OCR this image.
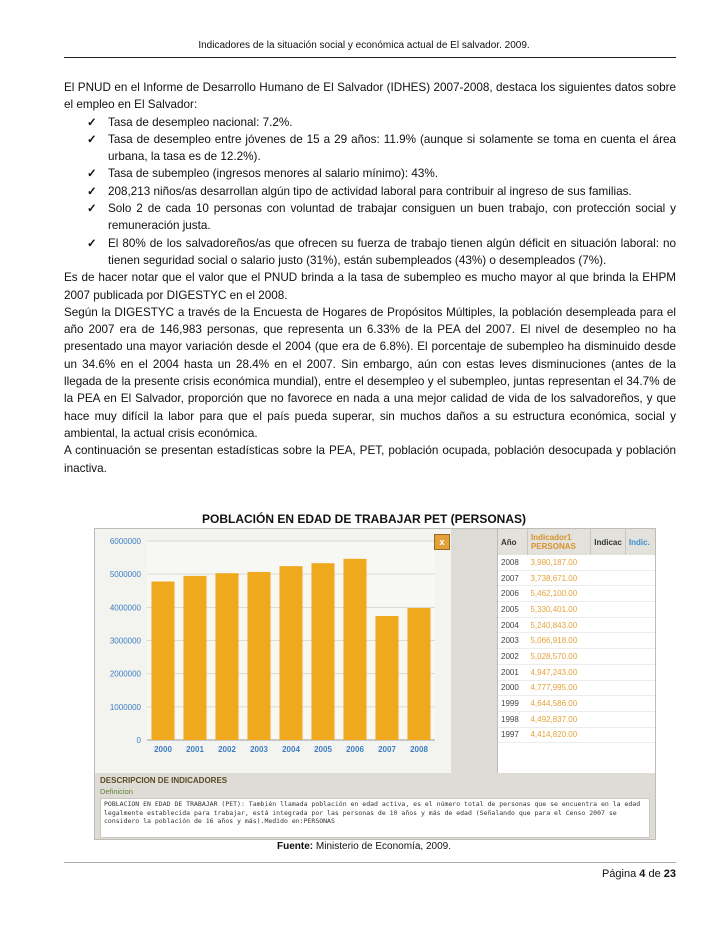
Indicadores de la situación social y económica actual de El salvador. 2009.

El PNUD en el Informe de Desarrollo Humano de El Salvador (IDHES) 2007-2008, destaca los siguientes datos sobre el empleo en El Salvador:

✓ Tasa de desempleo nacional: 7.2%.
✓ Tasa de desempleo entre jóvenes de 15 a 29 años: 11.9% (aunque si solamente se toma en cuenta el área urbana, la tasa es de 12.2%).
✓ Tasa de subempleo (ingresos menores al salario mínimo): 43%.
✓ 208,213 niños/as desarrollan algún tipo de actividad laboral para contribuir al ingreso de sus familias.
✓ Solo 2 de cada 10 personas con voluntad de trabajar consiguen un buen trabajo, con protección social y remuneración justa.
✓ El 80% de los salvadoreños/as que ofrecen su fuerza de trabajo tienen algún déficit en situación laboral: no tienen seguridad social o salario justo (31%), están subempleados (43%) o desempleados (7%).

Es de hacer notar que el valor que el PNUD brinda a la tasa de subempleo es mucho mayor al que brinda la EHPM 2007 publicada por DIGESTYC en el 2008.

Según la DIGESTYC a través de la Encuesta de Hogares de Propósitos Múltiples, la población desempleada para el año 2007 era de 146,983 personas, que representa un 6.33% de la PEA del 2007. El nivel de desempleo no ha presentado una mayor variación desde el 2004 (que era de 6.8%). El porcentaje de subempleo ha disminuido desde un 34.6% en el 2004 hasta un 28.4% en el 2007. Sin embargo, aún con estas leves disminuciones (antes de la llegada de la presente crisis económica mundial), entre el desempleo y el subempleo, juntas representan el 34.7% de la PEA en El Salvador, proporción que no favorece en nada a una mejor calidad de vida de los salvadoreños, y que hace muy difícil la labor para que el país pueda superar, sin muchos daños a su estructura económica, social y ambiental, la actual crisis económica.

A continuación se presentan estadísticas sobre la PEA, PET, población ocupada, población desocupada y población inactiva.

POBLACIÓN EN EDAD DE TRABAJAR PET (PERSONAS)
6000000
5000000
4000000
3000000
2000000
1000000
0
2000 2001 2002 2003 2004 2005 2006 2007 2008
x	Año	Indicador1 PERSONAS	Indicac	Indic.
2008	3,980,187.00		
2007	3,738,671.00		
2006	5,462,100.00		
2005	5,330,401.00		
2004	5,240,843.00		
2003	5,066,918.00		
2002	5,028,570.00		
2001	4,947,243.00		
2000	4,777,995.00		
1999	4,644,586.00		
1998	4,492,837.00		
1997	4,414,820.00		
DESCRIPCION DE INDICADORES
Definicion
POBLACION EN EDAD DE TRABAJAR (PET): También llamada población en edad activa, es el número total de personas que se encuentra en la edad legalmente establecida para trabajar, está integrada por las personas de 10 años y más de edad (Señalando que para el Censo 2007 se considero la población de 16 años y más).Medido en:PERSONAS
Fuente: Ministerio de Economía, 2009.
Página 4 de 23
